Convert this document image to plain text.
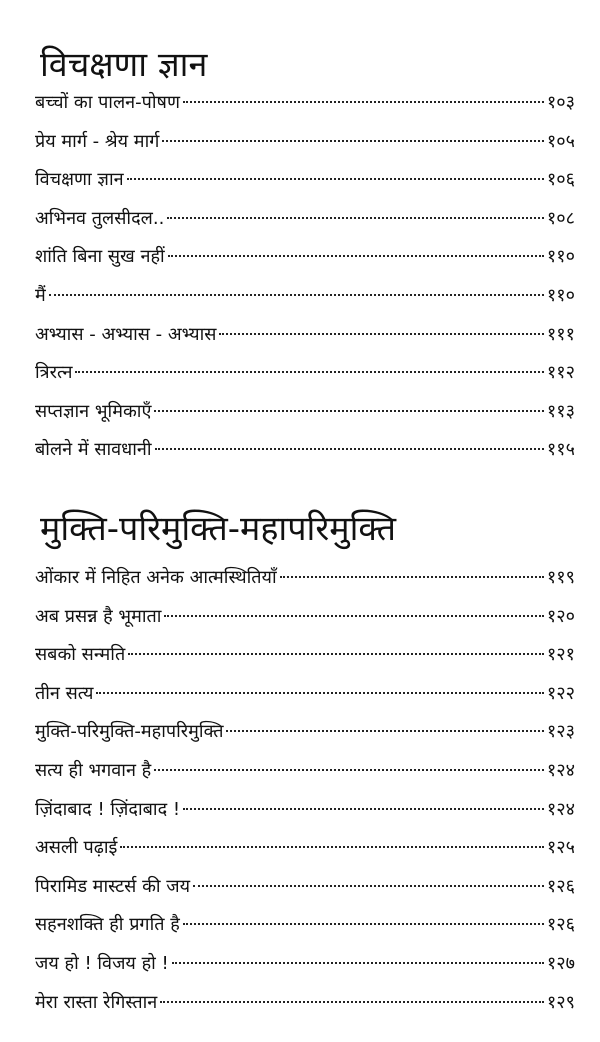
विचक्षणा ज्ञान
बच्चों का पालन-पोषण	१०३
प्रेय मार्ग - श्रेय मार्ग	१०५
विचक्षणा ज्ञान	१०६
अभिनव तुलसीदल..	१०८
शांति बिना सुख नहीं	११०
मैं	११०
अभ्यास - अभ्यास - अभ्यास	१११
त्रिरत्न	११२
सप्तज्ञान भूमिकाएँ	११३
बोलने में सावधानी	११५
मुक्ति-परिमुक्ति-महापरिमुक्ति
ओंकार में निहित अनेक आत्मस्थितियाँ	११९
अब प्रसन्न है भूमाता	१२०
सबको सन्मति	१२१
तीन सत्य	१२२
मुक्ति-परिमुक्ति-महापरिमुक्ति	१२३
सत्य ही भगवान है	१२४
ज़िंदाबाद ! ज़िंदाबाद !	१२४
असली पढ़ाई	१२५
पिरामिड मास्टर्स की जय	१२६
सहनशक्ति ही प्रगति है	१२६
जय हो ! विजय हो !	१२७
मेरा रास्ता रेगिस्तान	१२९
